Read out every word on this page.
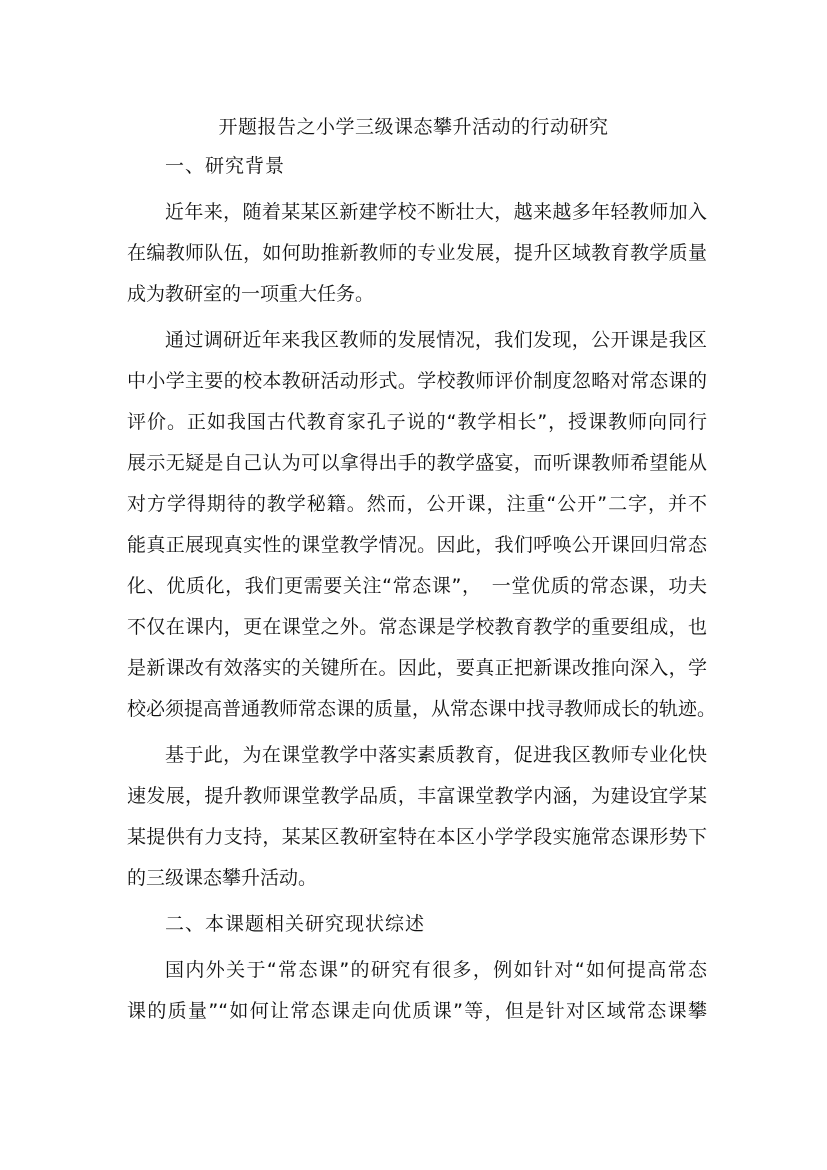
开题报告之小学三级课态攀升活动的行动研究

一、研究背景

近年来，随着某某区新建学校不断壮大，越来越多年轻教师加入

在编教师队伍，如何助推新教师的专业发展，提升区域教育教学质量

成为教研室的一项重大任务。

通过调研近年来我区教师的发展情况，我们发现，公开课是我区

中小学主要的校本教研活动形式。学校教师评价制度忽略对常态课的

评价。正如我国古代教育家孔子说的“教学相长”，授课教师向同行

展示无疑是自己认为可以拿得出手的教学盛宴，而听课教师希望能从

对方学得期待的教学秘籍。然而，公开课，注重“公开”二字，并不

能真正展现真实性的课堂教学情况。因此，我们呼唤公开课回归常态

化、优质化，我们更需要关注“常态课”，　一堂优质的常态课，功夫

不仅在课内，更在课堂之外。常态课是学校教育教学的重要组成，也

是新课改有效落实的关键所在。因此，要真正把新课改推向深入，学

校必须提高普通教师常态课的质量，从常态课中找寻教师成长的轨迹。

基于此，为在课堂教学中落实素质教育，促进我区教师专业化快

速发展，提升教师课堂教学品质，丰富课堂教学内涵，为建设宜学某

某提供有力支持，某某区教研室特在本区小学学段实施常态课形势下

的三级课态攀升活动。

二、本课题相关研究现状综述

国内外关于“常态课”的研究有很多，例如针对“如何提高常态

课的质量”“如何让常态课走向优质课”等，但是针对区域常态课攀
